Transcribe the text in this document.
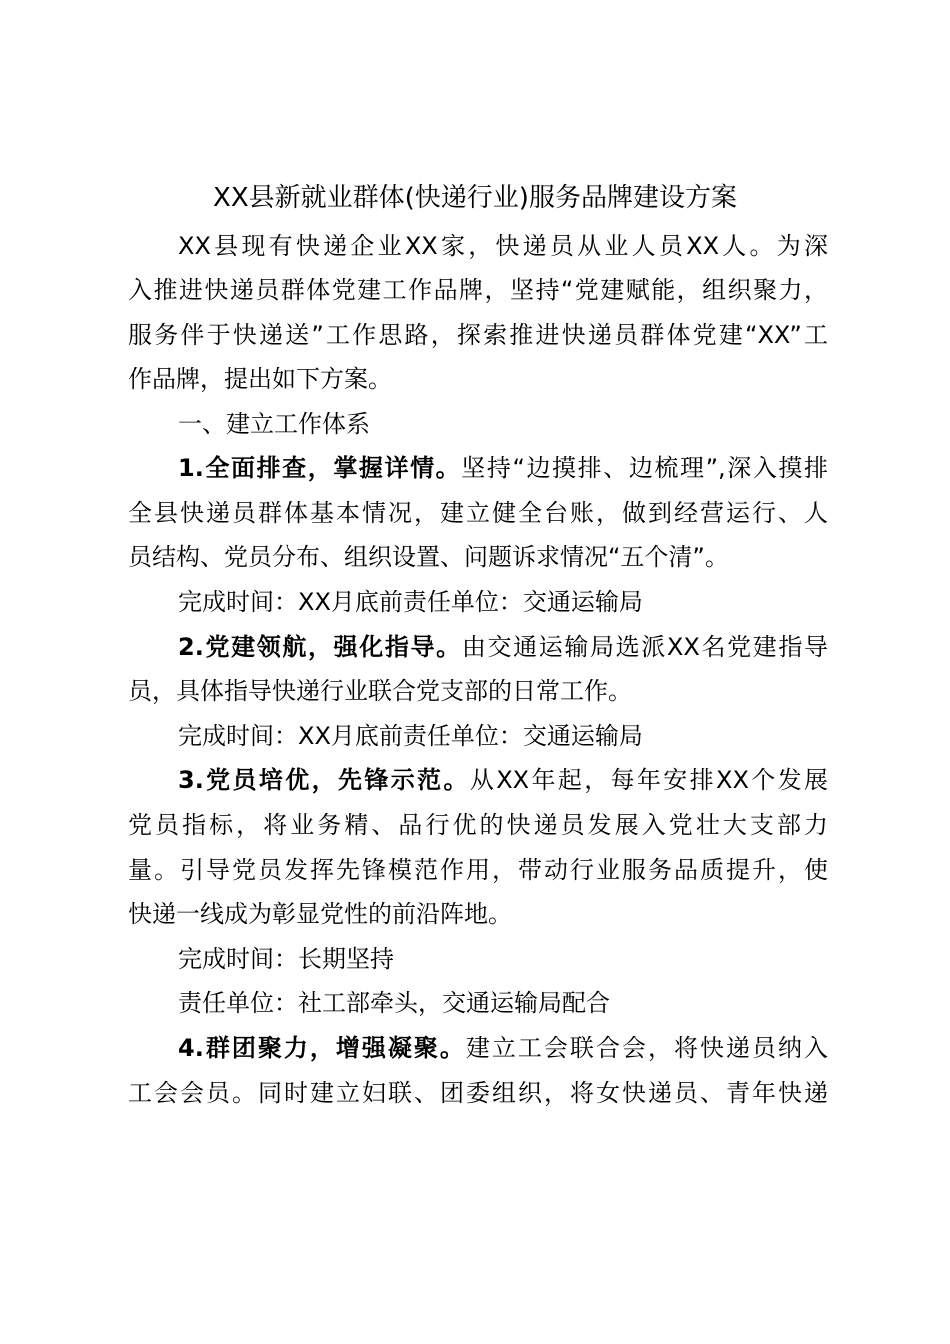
XX县新就业群体(快递行业)服务品牌建设方案
XX县现有快递企业XX家，快递员从业人员XX人。为深
入推进快递员群体党建工作品牌，坚持“党建赋能，组织聚力，
服务伴于快递送”工作思路，探索推进快递员群体党建“XX”工
作品牌，提出如下方案。
一、建立工作体系
1.全面排查，掌握详情。坚持“边摸排、边梳理”,深入摸排
全县快递员群体基本情况，建立健全台账，做到经营运行、人
员结构、党员分布、组织设置、问题诉求情况“五个清”。
完成时间：XX月底前责任单位：交通运输局
2.党建领航，强化指导。由交通运输局选派XX名党建指导
员，具体指导快递行业联合党支部的日常工作。
完成时间：XX月底前责任单位：交通运输局
3.党员培优，先锋示范。从XX年起，每年安排XX个发展
党员指标，将业务精、品行优的快递员发展入党壮大支部力
量。引导党员发挥先锋模范作用，带动行业服务品质提升，使
快递一线成为彰显党性的前沿阵地。
完成时间：长期坚持
责任单位：社工部牵头，交通运输局配合
4.群团聚力，增强凝聚。建立工会联合会，将快递员纳入
工会会员。同时建立妇联、团委组织，将女快递员、青年快递
